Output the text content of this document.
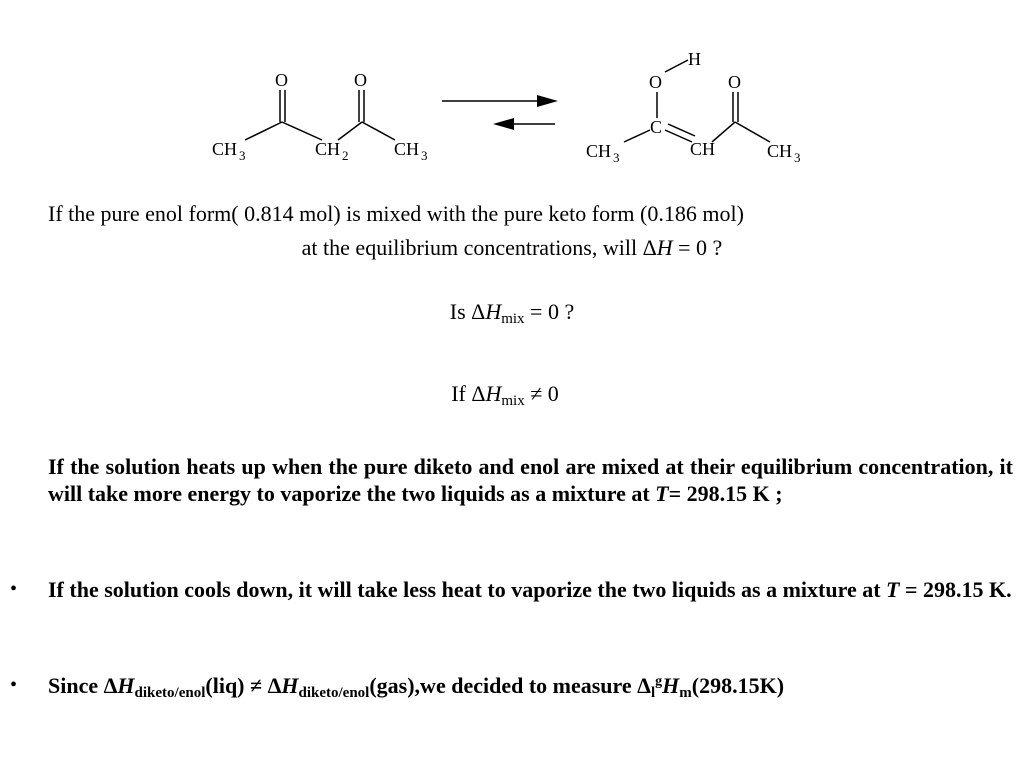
O	O
CH 3	CH 2	CH 3
H
O	O
C
CH 3	CH	CH 3
If the pure enol form( 0.814 mol) is mixed with the pure keto form (0.186 mol)
at the equilibrium concentrations, will ΔH = 0 ?
Is $\Delta H_{mix} = 0$ ?
If $\Delta H_{mix} \ne 0$
If the solution heats up when the pure diketo and enol are mixed at their equilibrium concentration, it will take more energy to vaporize the two liquids as a mixture at T= 298.15 K ;
• If the solution cools down, it will take less heat to vaporize the two liquids as a mixture at T = 298.15 K.
• Since $\Delta H_{diketo/enol}(liq) \ne \Delta H_{diketo/enol}(gas),we$ decided to measure $\Delta_l^gH_m(298.15K)$
